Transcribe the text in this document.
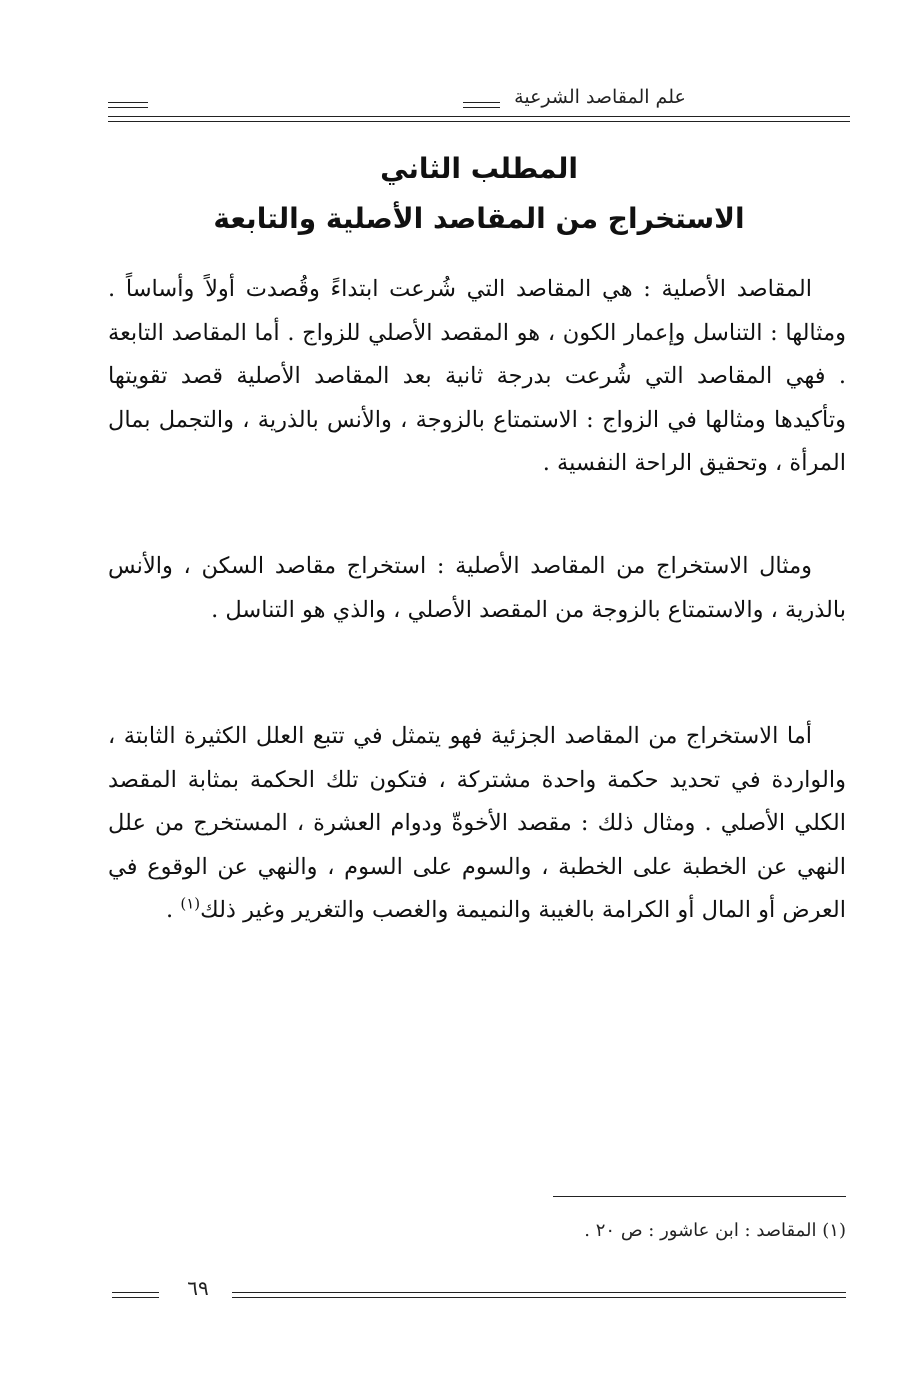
علم المقاصد الشرعية
المطلب الثاني
الاستخراج من المقاصد الأصلية والتابعة

المقاصد الأصلية : هي المقاصد التي شُرعت ابتداءً وقُصدت أولاً وأساساً . ومثالها : التناسل وإعمار الكون ، هو المقصد الأصلي للزواج . أما المقاصد التابعة . فهي المقاصد التي شُرعت بدرجة ثانية بعد المقاصد الأصلية قصد تقويتها وتأكيدها ومثالها في الزواج : الاستمتاع بالزوجة ، والأنس بالذرية ، والتجمل بمال المرأة ، وتحقيق الراحة النفسية .

ومثال الاستخراج من المقاصد الأصلية : استخراج مقاصد السكن ، والأنس بالذرية ، والاستمتاع بالزوجة من المقصد الأصلي ، والذي هو التناسل .

أما الاستخراج من المقاصد الجزئية فهو يتمثل في تتبع العلل الكثيرة الثابتة ، والواردة في تحديد حكمة واحدة مشتركة ، فتكون تلك الحكمة بمثابة المقصد الكلي الأصلي . ومثال ذلك : مقصد الأخوةّ ودوام العشرة ، المستخرج من علل النهي عن الخطبة على الخطبة ، والسوم على السوم ، والنهي عن الوقوع في العرض أو المال أو الكرامة بالغيبة والنميمة والغصب والتغرير وغير ذلك$^{(١)}$ .

(١) المقاصد : ابن عاشور : ص ٢٠ .
٦٩
